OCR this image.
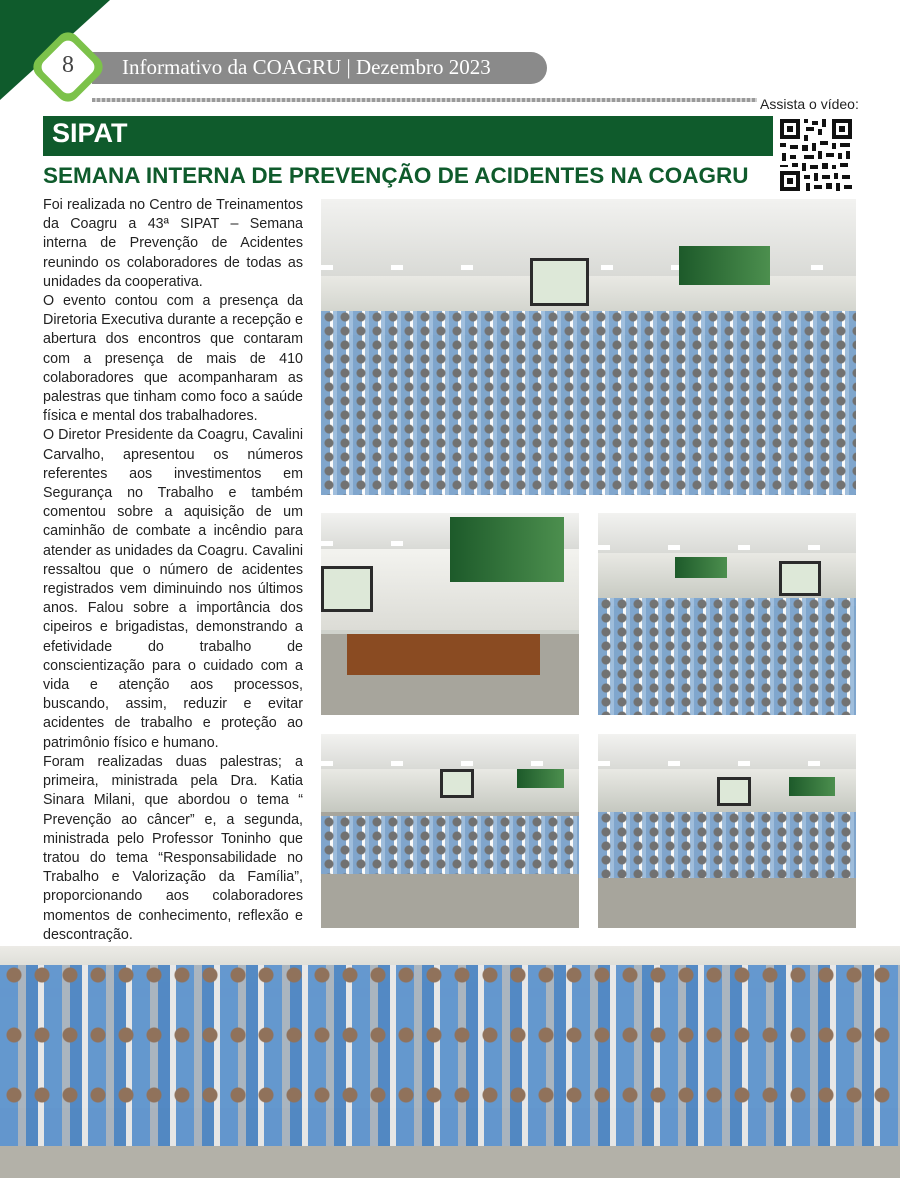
Informativo da COAGRU | Dezembro 2023
8
Assista o vídeo:
SIPAT
SEMANA INTERNA DE PREVENÇÃO DE ACIDENTES NA COAGRU

Foi realizada no Centro de Treinamentos da Coagru a 43ª SIPAT – Semana interna de Prevenção de Acidentes reunindo os colaboradores de todas as unidades da cooperativa.

O evento contou com a presença da Diretoria Executiva durante a recepção e abertura dos encontros que contaram com a presença de mais de 410 colaboradores que acompanharam as palestras que tinham como foco a saúde física e mental dos trabalhadores.

O Diretor Presidente da Coagru, Cavalini Carvalho, apresentou os números referentes aos investimentos em Segurança no Trabalho e também comentou sobre a aquisição de um caminhão de combate a incêndio para atender as unidades da Coagru. Cavalini ressaltou que o número de acidentes registrados vem diminuindo nos últimos anos. Falou sobre a importância dos cipeiros e brigadistas, demonstrando a efetividade do trabalho de conscientização para o cuidado com a vida e atenção aos processos, buscando, assim, reduzir e evitar acidentes de trabalho e proteção ao patrimônio físico e humano.

Foram realizadas duas palestras; a primeira, ministrada pela Dra. Katia Sinara Milani, que abordou o tema “ Prevenção ao câncer” e, a segunda, ministrada pelo Professor Toninho que tratou do tema “Responsabilidade no Trabalho e Valorização da Família”, proporcionando aos colaboradores momentos de conhecimento, reflexão e descontração.
